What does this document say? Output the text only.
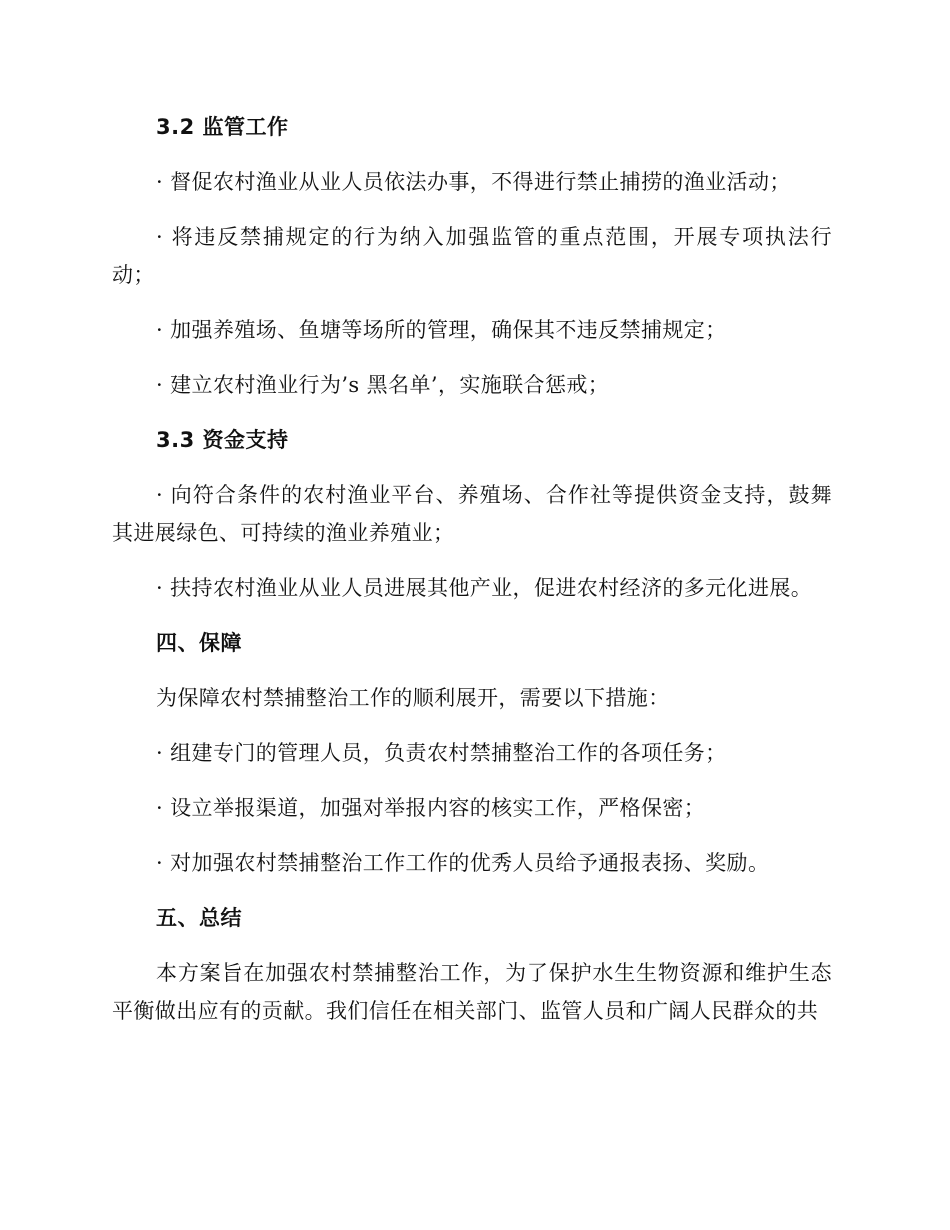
3.2 监管工作

· 督促农村渔业从业人员依法办事，不得进行禁止捕捞的渔业活动；

· 将违反禁捕规定的行为纳入加强监管的重点范围，开展专项执法行动；

· 加强养殖场、鱼塘等场所的管理，确保其不违反禁捕规定；

· 建立农村渔业行为’s 黑名单’，实施联合惩戒；

3.3 资金支持

· 向符合条件的农村渔业平台、养殖场、合作社等提供资金支持，鼓舞其进展绿色、可持续的渔业养殖业；

· 扶持农村渔业从业人员进展其他产业，促进农村经济的多元化进展。

四、保障

为保障农村禁捕整治工作的顺利展开，需要以下措施：

· 组建专门的管理人员，负责农村禁捕整治工作的各项任务；

· 设立举报渠道，加强对举报内容的核实工作，严格保密；

· 对加强农村禁捕整治工作工作的优秀人员给予通报表扬、奖励。

五、总结

本方案旨在加强农村禁捕整治工作，为了保护水生生物资源和维护生态平衡做出应有的贡献。我们信任在相关部门、监管人员和广阔人民群众的共
